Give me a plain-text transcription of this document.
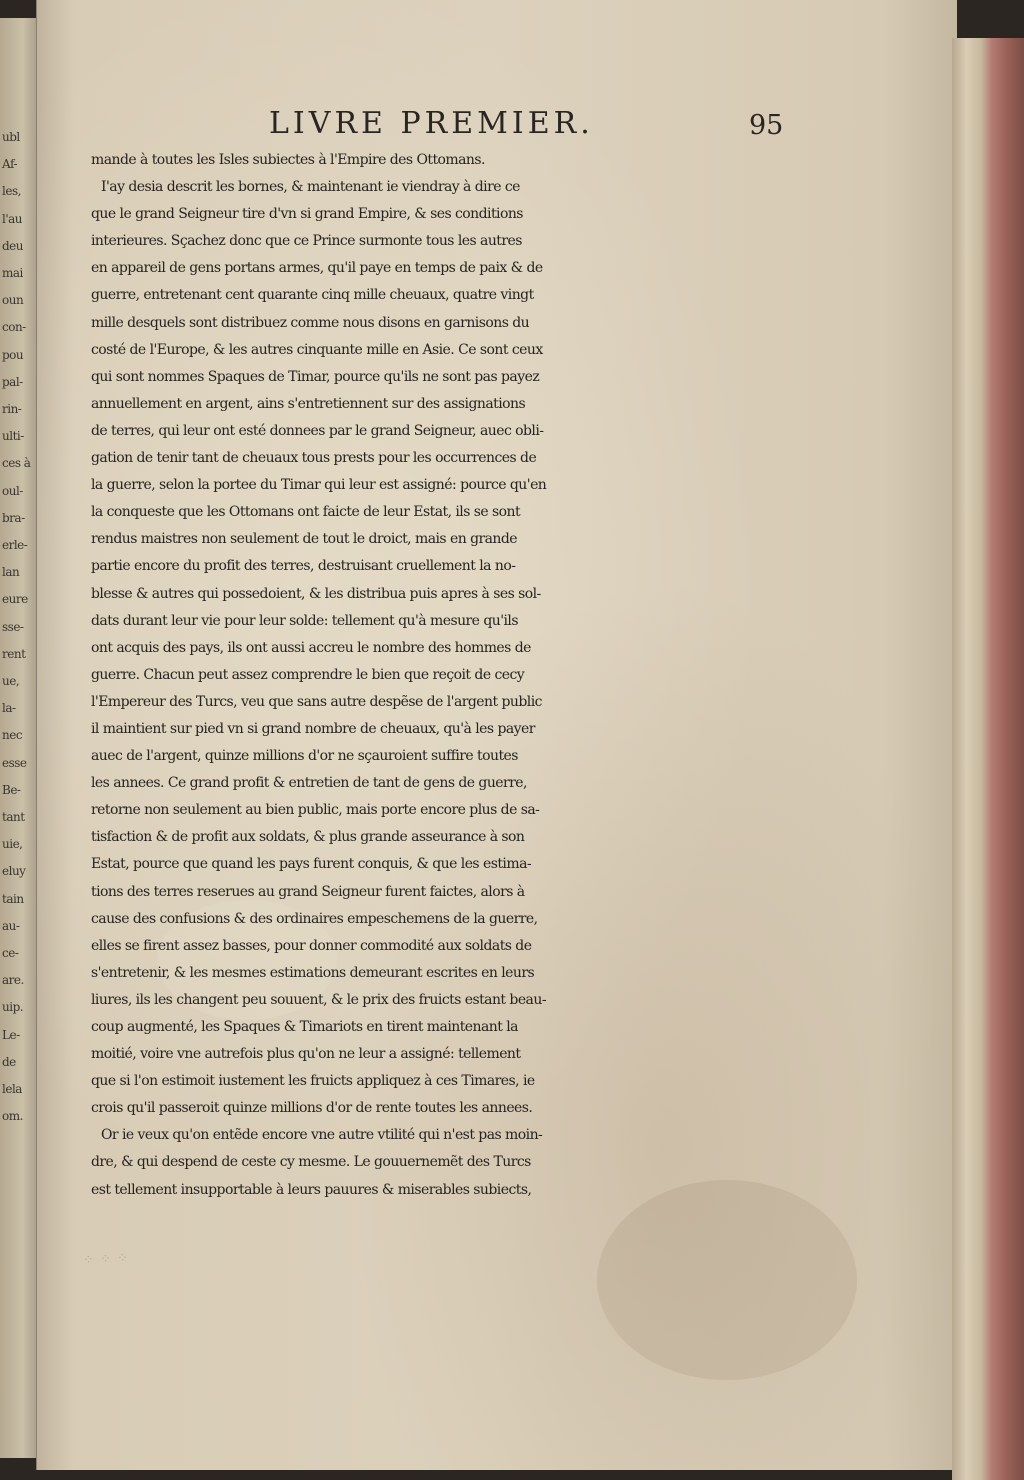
ubl
Af-
les,
l'au
deu
mai
oun
con-
pou
pal-
rin-
ulti-
ces à
oul-
bra-
erle-
lan
eure
sse-
rent
ue,
la-
nec
esse
Be-
tant
uie,
eluy
tain
au-
ce-
are.
uip.
Le-
de
lela
om.
LIVRE PREMIER.	95
mande à toutes les Isles subiectes à l'Empire des Ottomans.
I'ay desia descrit les bornes, & maintenant ie viendray à dire ce
que le grand Seigneur tire d'vn si grand Empire, & ses conditions
interieures. Sçachez donc que ce Prince surmonte tous les autres
en appareil de gens portans armes, qu'il paye en temps de paix & de
guerre, entretenant cent quarante cinq mille cheuaux, quatre vingt
mille desquels sont distribuez comme nous disons en garnisons du
costé de l'Europe, & les autres cinquante mille en Asie. Ce sont ceux
qui sont nommes Spaques de Timar, pource qu'ils ne sont pas payez
annuellement en argent, ains s'entretiennent sur des assignations
de terres, qui leur ont esté donnees par le grand Seigneur, auec obli-
gation de tenir tant de cheuaux tous prests pour les occurrences de
la guerre, selon la portee du Timar qui leur est assigné: pource qu'en
la conqueste que les Ottomans ont faicte de leur Estat, ils se sont
rendus maistres non seulement de tout le droict, mais en grande
partie encore du profit des terres, destruisant cruellement la no-
blesse & autres qui possedoient, & les distribua puis apres à ses sol-
dats durant leur vie pour leur solde: tellement qu'à mesure qu'ils
ont acquis des pays, ils ont aussi accreu le nombre des hommes de
guerre. Chacun peut assez comprendre le bien que reçoit de cecy
l'Empereur des Turcs, veu que sans autre despẽse de l'argent public
il maintient sur pied vn si grand nombre de cheuaux, qu'à les payer
auec de l'argent, quinze millions d'or ne sçauroient suffire toutes
les annees. Ce grand profit & entretien de tant de gens de guerre,
retorne non seulement au bien public, mais porte encore plus de sa-
tisfaction & de profit aux soldats, & plus grande asseurance à son
Estat, pource que quand les pays furent conquis, & que les estima-
tions des terres reserues au grand Seigneur furent faictes, alors à
cause des confusions & des ordinaires empeschemens de la guerre,
elles se firent assez basses, pour donner commodité aux soldats de
s'entretenir, & les mesmes estimations demeurant escrites en leurs
liures, ils les changent peu souuent, & le prix des fruicts estant beau-
coup augmenté, les Spaques & Timariots en tirent maintenant la
moitié, voire vne autrefois plus qu'on ne leur a assigné: tellement
que si l'on estimoit iustement les fruicts appliquez à ces Timares, ie
crois qu'il passeroit quinze millions d'or de rente toutes les annees.
Or ie veux qu'on entẽde encore vne autre vtilité qui n'est pas moin-
dre, & qui despend de ceste cy mesme. Le gouuernemẽt des Turcs
est tellement insupportable à leurs pauures & miserables subiects,
⁘ ⁘ ⁘
